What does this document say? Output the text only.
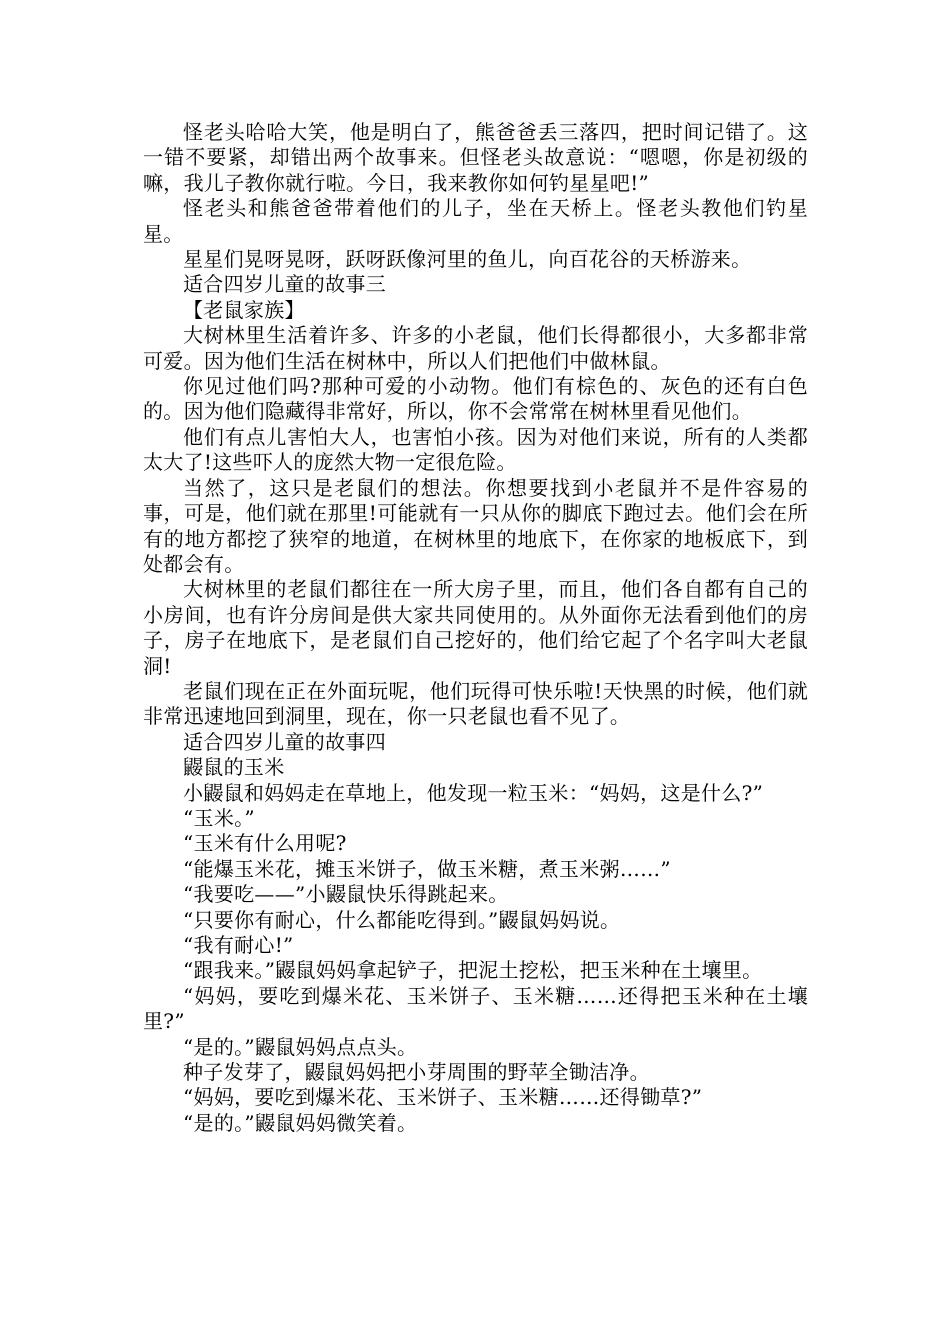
怪老头哈哈大笑，他是明白了，熊爸爸丢三落四，把时间记错了。这一错不要紧，却错出两个故事来。但怪老头故意说：“嗯嗯，你是初级的嘛，我儿子教你就行啦。今日，我来教你如何钓星星吧!”

怪老头和熊爸爸带着他们的儿子，坐在天桥上。怪老头教他们钓星星。

星星们晃呀晃呀，跃呀跃像河里的鱼儿，向百花谷的天桥游来。

适合四岁儿童的故事三

【老鼠家族】

大树林里生活着许多、许多的小老鼠，他们长得都很小，大多都非常可爱。因为他们生活在树林中，所以人们把他们中做林鼠。

你见过他们吗?那种可爱的小动物。他们有棕色的、灰色的还有白色的。因为他们隐藏得非常好，所以，你不会常常在树林里看见他们。

他们有点儿害怕大人，也害怕小孩。因为对他们来说，所有的人类都太大了!这些吓人的庞然大物一定很危险。

当然了，这只是老鼠们的想法。你想要找到小老鼠并不是件容易的事，可是，他们就在那里!可能就有一只从你的脚底下跑过去。他们会在所有的地方都挖了狭窄的地道，在树林里的地底下，在你家的地板底下，到处都会有。

大树林里的老鼠们都往在一所大房子里，而且，他们各自都有自己的小房间，也有许分房间是供大家共同使用的。从外面你无法看到他们的房子，房子在地底下，是老鼠们自己挖好的，他们给它起了个名字叫大老鼠洞!

老鼠们现在正在外面玩呢，他们玩得可快乐啦!天快黑的时候，他们就非常迅速地回到洞里，现在，你一只老鼠也看不见了。

适合四岁儿童的故事四

鼹鼠的玉米

小鼹鼠和妈妈走在草地上，他发现一粒玉米：“妈妈，这是什么?”

“玉米。”

“玉米有什么用呢?

“能爆玉米花，摊玉米饼子，做玉米糖，煮玉米粥……”

“我要吃——”小鼹鼠快乐得跳起来。

“只要你有耐心，什么都能吃得到。”鼹鼠妈妈说。

“我有耐心!”

“跟我来。”鼹鼠妈妈拿起铲子，把泥土挖松，把玉米种在土壤里。

“妈妈，要吃到爆米花、玉米饼子、玉米糖……还得把玉米种在土壤里?”

“是的。”鼹鼠妈妈点点头。

种子发芽了，鼹鼠妈妈把小芽周围的野苹全锄洁净。

“妈妈，要吃到爆米花、玉米饼子、玉米糖……还得锄草?”

“是的。”鼹鼠妈妈微笑着。
